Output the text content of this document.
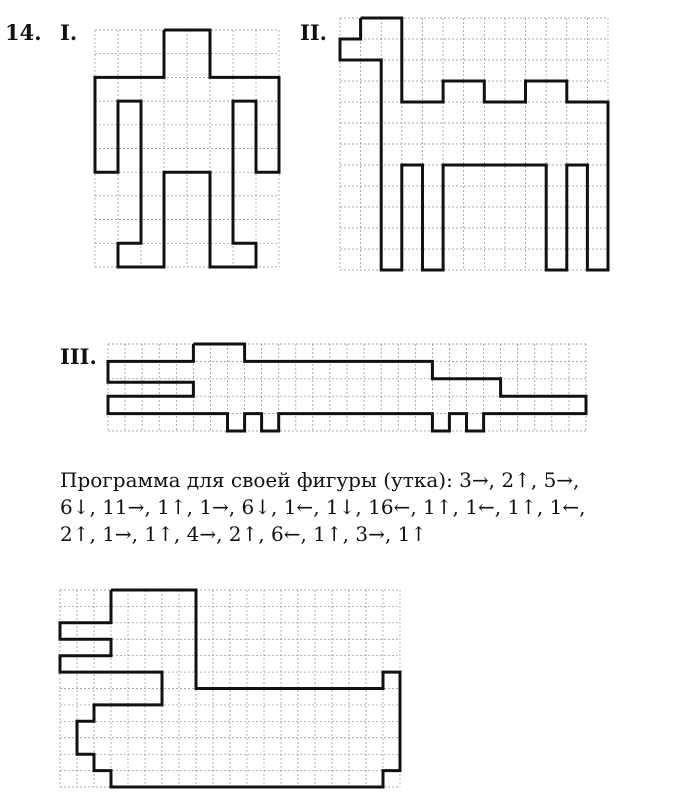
14. I.	II.
III.
Программа для своей фигуры (утка): 3→, 2↑, 5→,
6↓, 11→, 1↑, 1→, 6↓, 1←, 1↓, 16←, 1↑, 1←, 1↑, 1←,
2↑, 1→, 1↑, 4→, 2↑, 6←, 1↑, 3→, 1↑
